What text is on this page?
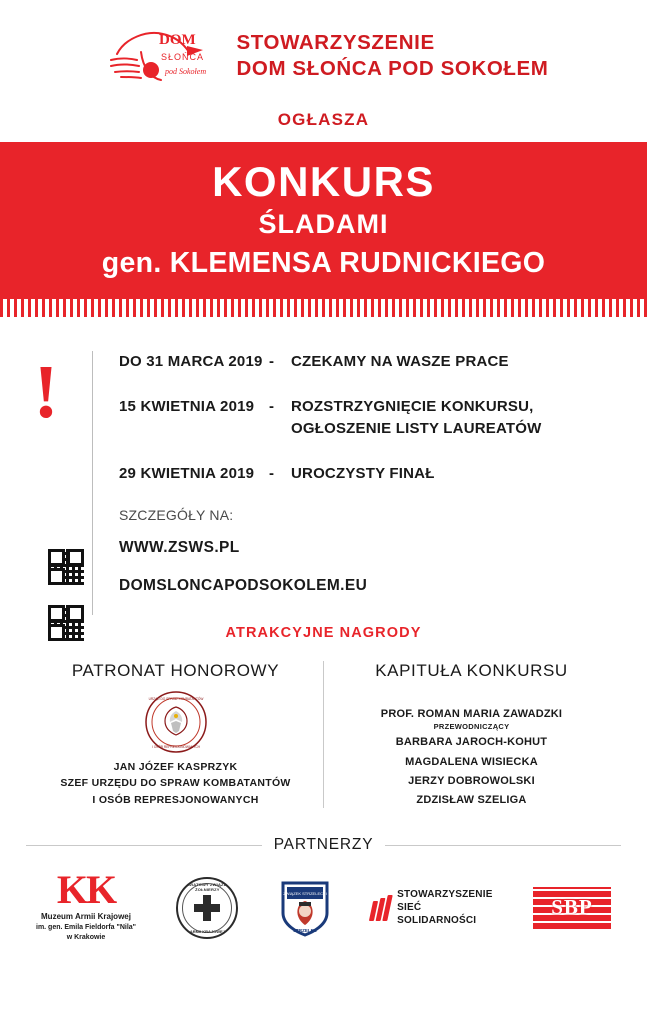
DOM
SŁOŃCA
pod Sokołem
STOWARZYSZENIE
DOM SŁOŃCA POD SOKOŁEM
OGŁASZA
KONKURS
ŚLADAMI
gen. KLEMENSA RUDNICKIEGO
!	DO 31 MARCA 2019 -	CZEKAMY NA WASZE PRACE
15 KWIETNIA 2019 -	ROZSTRZYGNIĘCIE KONKURSU,
OGŁOSZENIE LISTY LAUREATÓW
29 KWIETNIA 2019 -	UROCZYSTY FINAŁ
SZCZEGÓŁY NA:
WWW.ZSWS.PL
DOMSLONCAPODSOKOLEM.EU
ATRAKCYJNE NAGRODY
PATRONAT HONOROWY
URZĄD DO SPRAW KOMBATANTÓW
I OSÓB REPRESJONOWANYCH
JAN JÓZEF KASPRZYK
SZEF URZĘDU DO SPRAW KOMBATANTÓW
I OSÓB REPRESJONOWANYCH
KAPITUŁA KONKURSU
PROF. ROMAN MARIA ZAWADZKI
PRZEWODNICZĄCY
BARBARA JAROCH-KOHUT
MAGDALENA WISIECKA
JERZY DOBROWOLSKI
ZDZISŁAW SZELIGA
PARTNERZY
KK
Muzeum Armii Krajowej
im. gen. Emila Fieldorfa "Nila"
w Krakowie
ŚWIATOWY ZWIĄZEK ŻOŁNIERZY
ARMII KRAJOWEJ
ZWIĄZEK STRZELECKI
STRZELEC
STOWARZYSZENIE
SIEĆ
SOLIDARNOŚCI
SBP
